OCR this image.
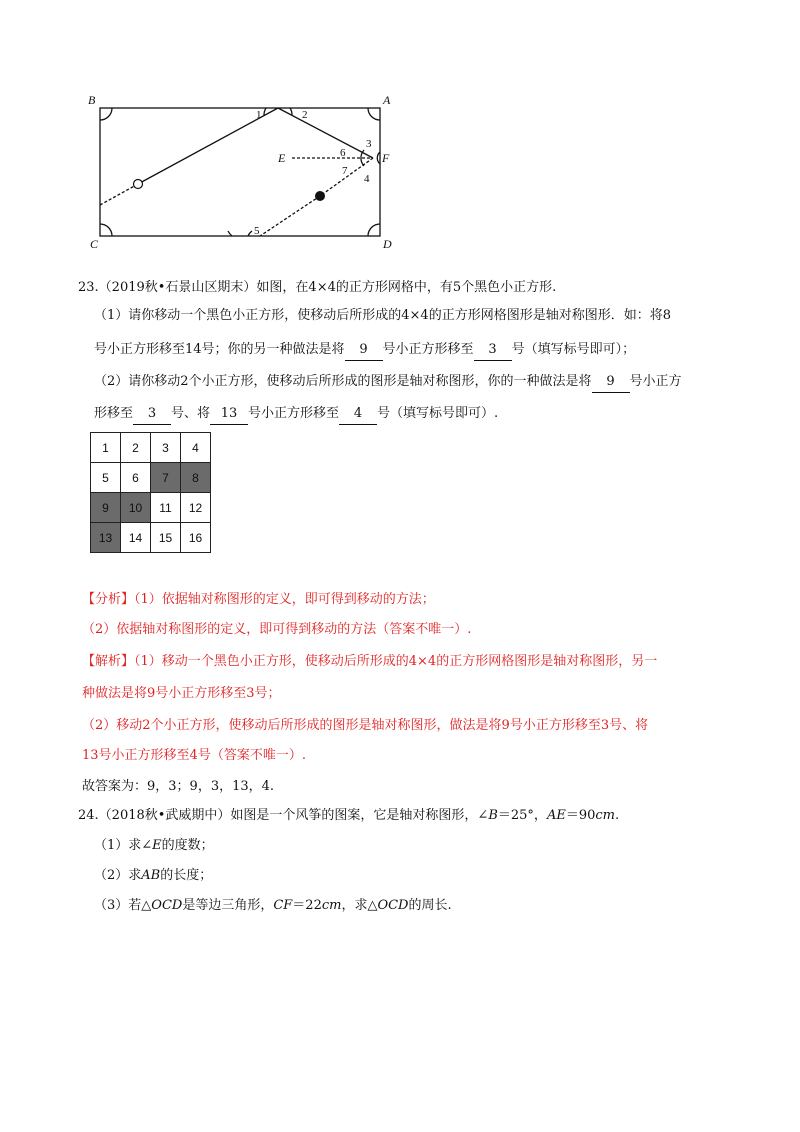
B	A
C	D
E	F
1	2
3
4
5
6
7
23.（2019秋•石景山区期末）如图，在4×4的正方形网格中，有5个黑色小正方形.
（1）请你移动一个黑色小正方形，使移动后所形成的4×4的正方形网格图形是轴对称图形．如：将8
号小正方形移至14号；你的另一种做法是将 9 号小正方形移至 3 号（填写标号即可）；
（2）请你移动2个小正方形，使移动后所形成的图形是轴对称图形，你的一种做法是将 9 号小正方
形移至 3 号、将 13 号小正方形移至 4 号（填写标号即可）.
1	2	3	4
5	6	7	8
9	10	11	12
13	14	15	16
【分析】（1）依据轴对称图形的定义，即可得到移动的方法；
（2）依据轴对称图形的定义，即可得到移动的方法（答案不唯一）.
【解析】（1）移动一个黑色小正方形，使移动后所形成的4×4的正方形网格图形是轴对称图形，另一
种做法是将9号小正方形移至3号；
（2）移动2个小正方形，使移动后所形成的图形是轴对称图形，做法是将9号小正方形移至3号、将
13号小正方形移至4号（答案不唯一）.
故答案为：9，3；9，3，13，4.
24.（2018秋•武威期中）如图是一个风筝的图案，它是轴对称图形，∠B＝25°，AE＝90cm.
（1）求∠E的度数；
（2）求AB的长度；
（3）若△OCD是等边三角形，CF＝22cm，求△OCD的周长.
